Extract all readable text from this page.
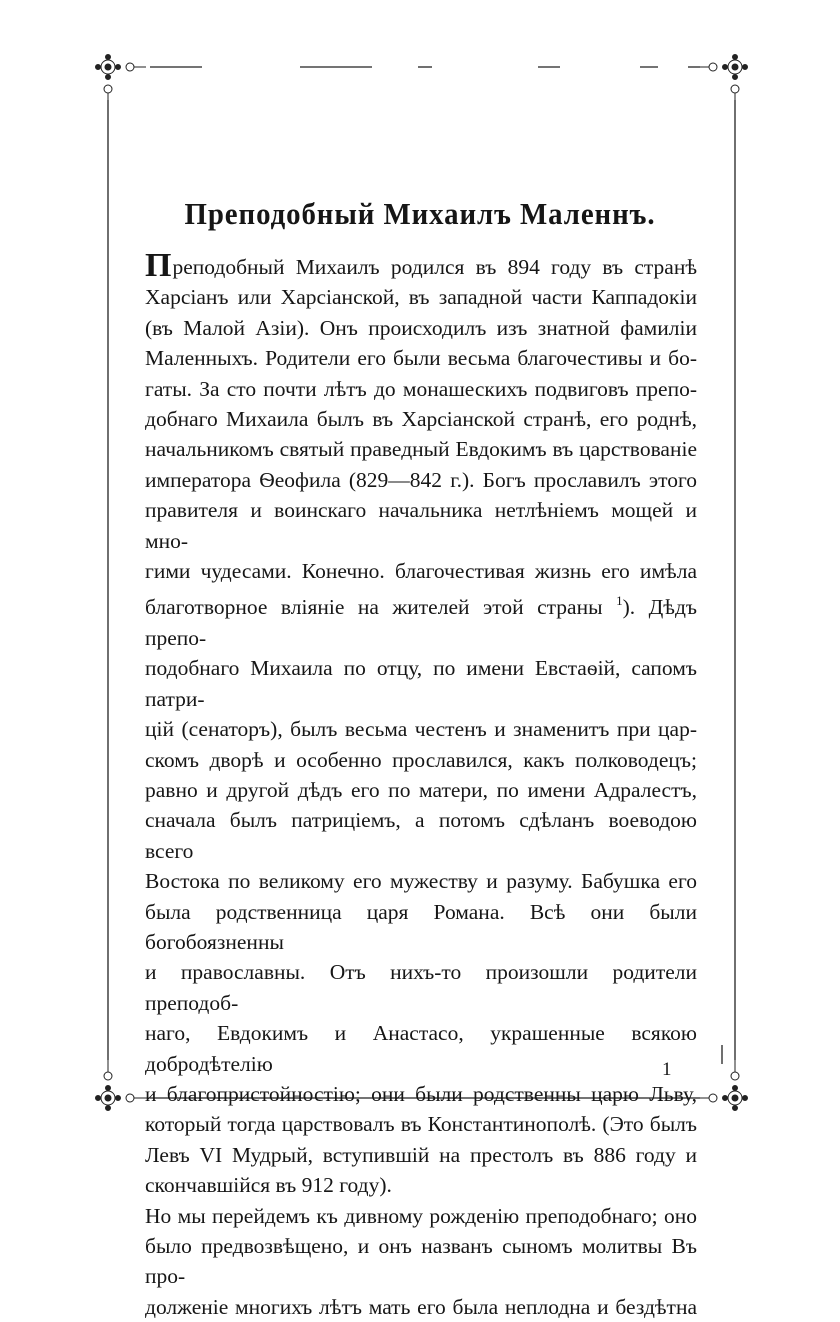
Преподобный Михаилъ Маленнъ.

Преподобный Михаилъ родился въ 894 году въ странѣ

Харсіанъ или Харсіанской, въ западной части Каппадокіи

(въ Малой Азіи). Онъ происходилъ изъ знатной фамиліи

Маленныхъ. Родители его были весьма благочестивы и бо-

гаты. За сто почти лѣтъ до монашескихъ подвиговъ препо-

добнаго Михаила былъ въ Харсіанской странѣ, его роднѣ,

начальникомъ святый праведный Евдокимъ въ царствованіе

императора Ѳеофила (829—842 г.). Богъ прославилъ этого

правителя и воинскаго начальника нетлѣніемъ мощей и мно-

гими чудесами. Конечно. благочестивая жизнь его имѣла

благотворное вліяніе на жителей этой страны $^1$). Дѣдъ препо-

подобнаго Михаила по отцу, по имени Евстаѳій, сапомъ патри-

цій (сенаторъ), былъ весьма честенъ и знаменитъ при цар-

скомъ дворѣ и особенно прославился, какъ полководецъ;

равно и другой дѣдъ его по матери, по имени Адралестъ,

сначала былъ патриціемъ, а потомъ сдѣланъ воеводою всего

Востока по великому его мужеству и разуму. Бабушка его

была родственница царя Романа. Всѣ они были богобоязненны

и православны. Отъ нихъ-то произошли родители преподоб-

наго, Евдокимъ и Анастасо, украшенные всякою добродѣтелію

и благопристойностію; они были родственны царю Льву,

который тогда царствовалъ въ Константинополѣ. (Это былъ

Левъ VI Мудрый, вступившій на престолъ въ 886 году и

скончавшійся въ 912 году).

Но мы перейдемъ къ дивному рожденію преподобнаго; оно

было предвозвѣщено, и онъ названъ сыномъ молитвы Въ про-

долженіе многихъ лѣтъ мать его была неплодна и бездѣтна

1
